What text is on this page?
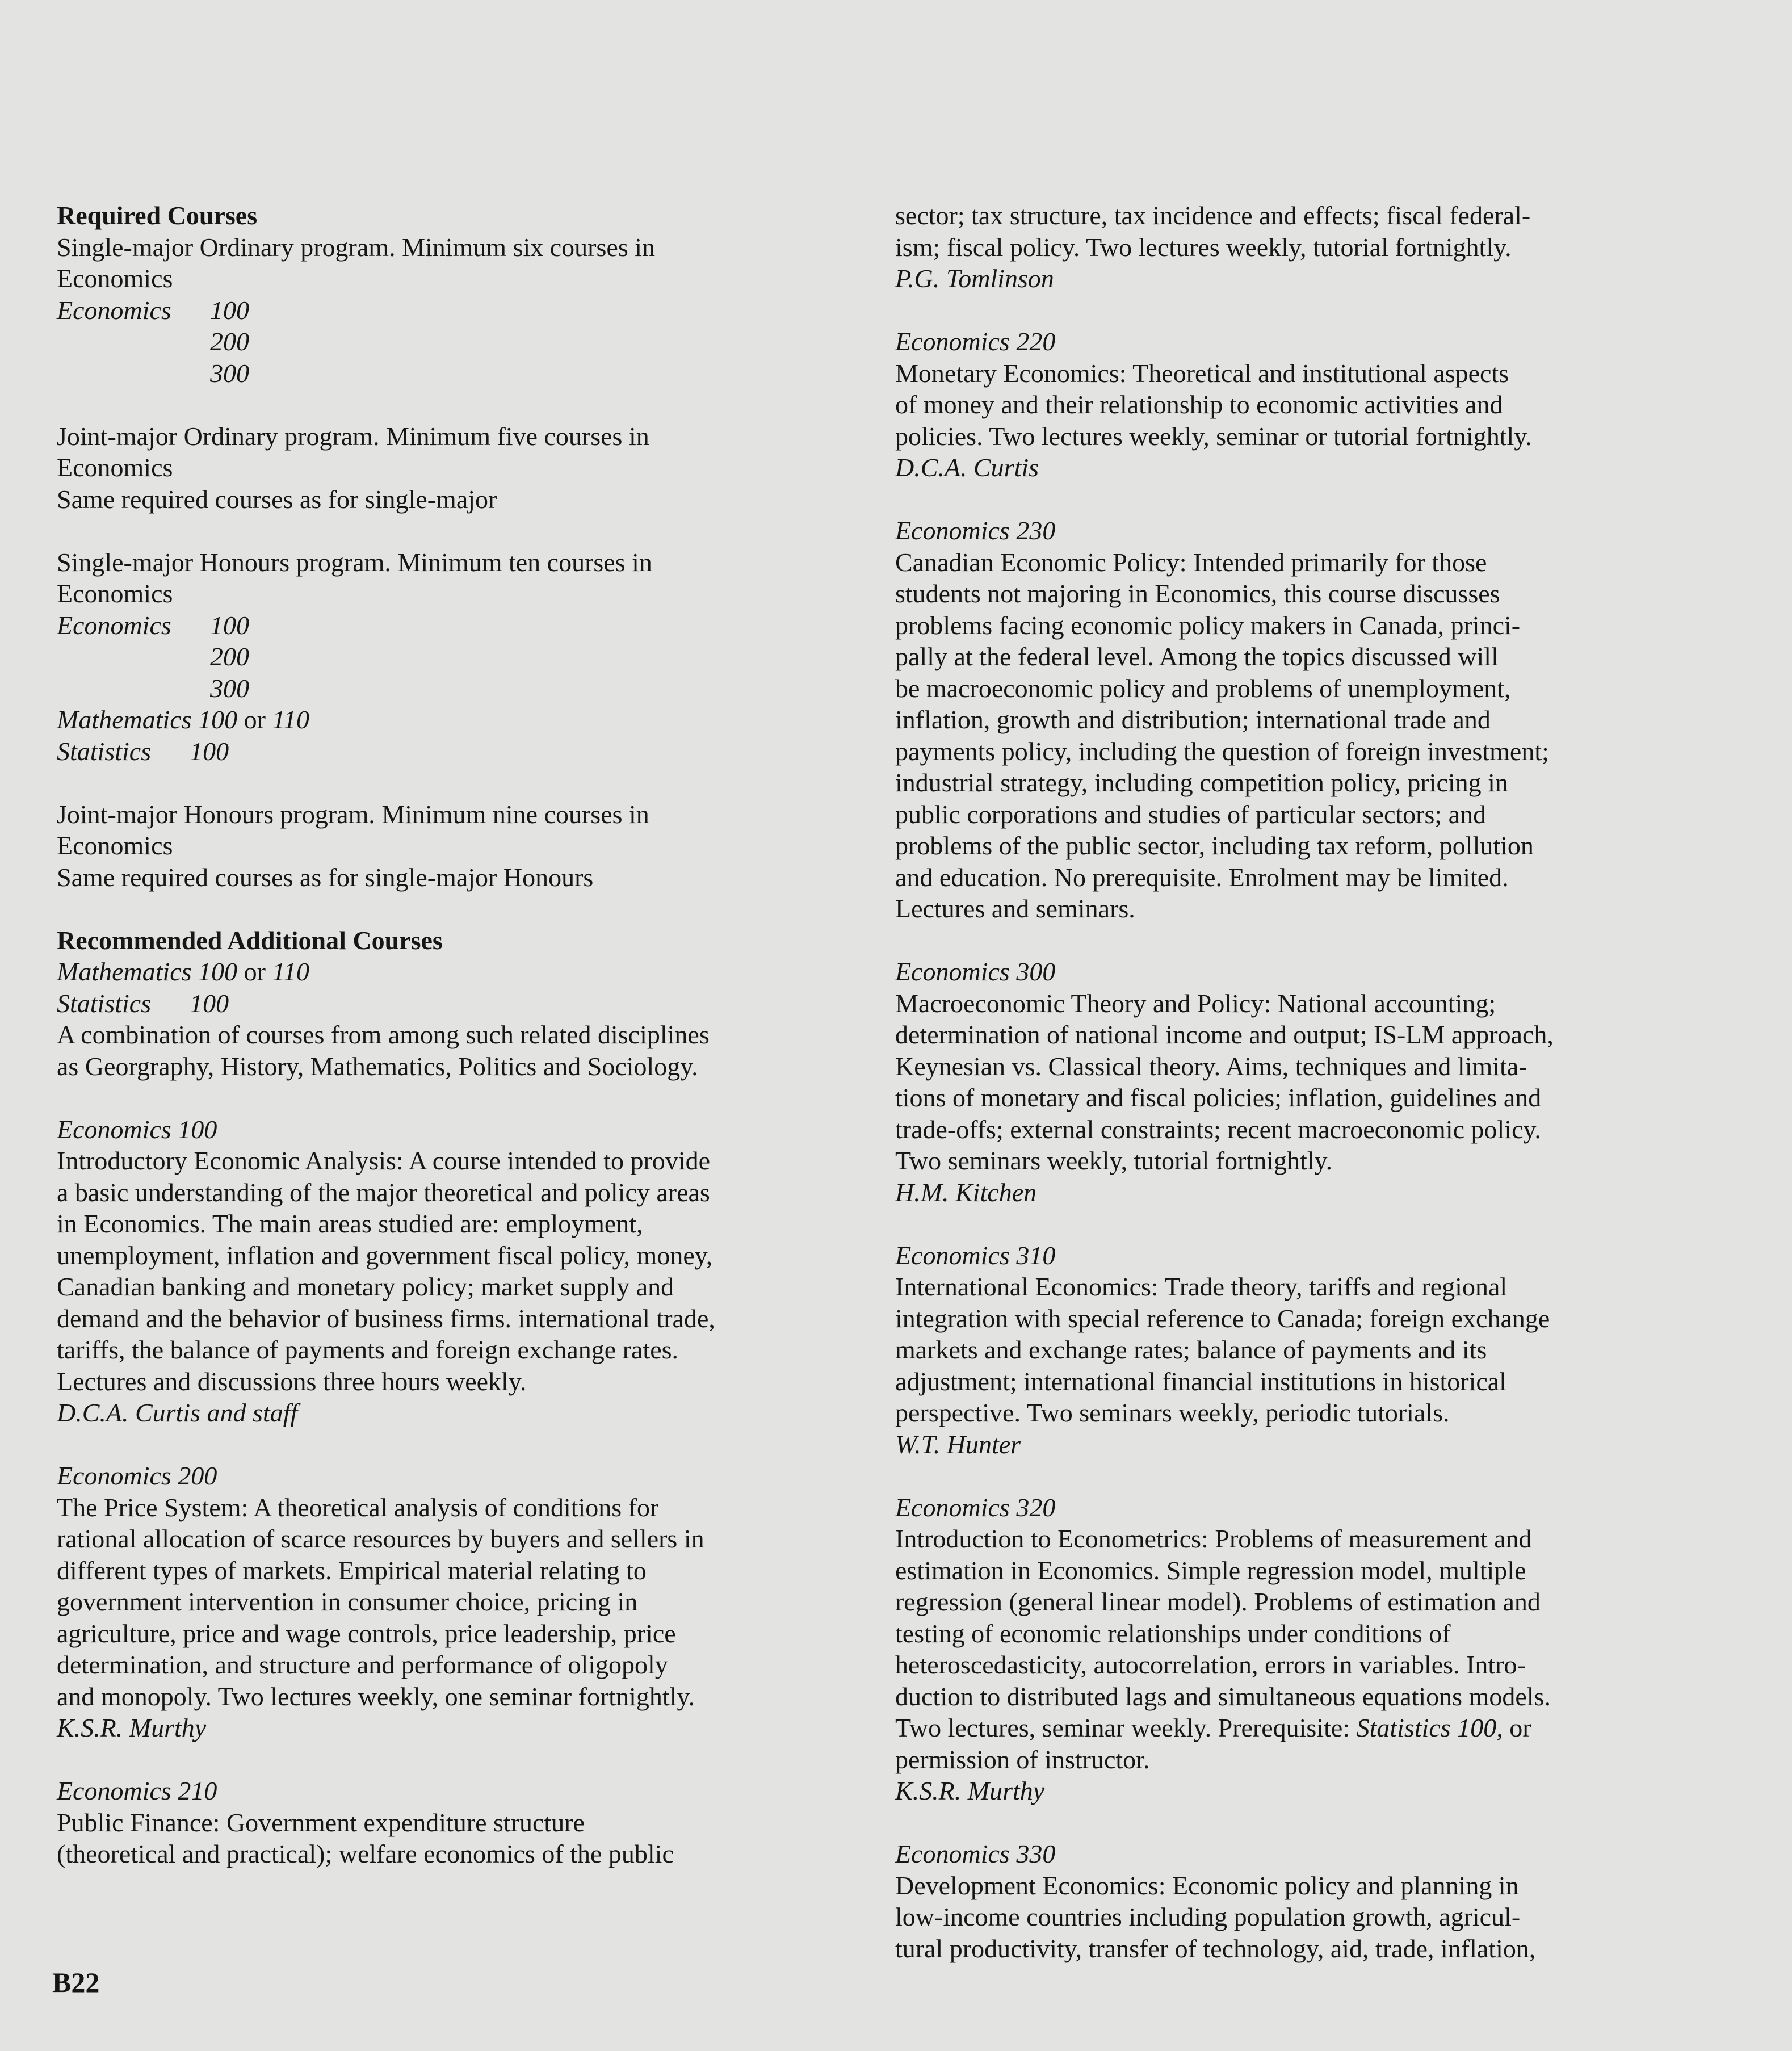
Required Courses
Single-major Ordinary program. Minimum six courses in
Economics
Economics 100
200
300
Joint-major Ordinary program. Minimum five courses in
Economics
Same required courses as for single-major
Single-major Honours program. Minimum ten courses in
Economics
Economics 100
200
300
Mathematics 100 or 110
Statistics 100
Joint-major Honours program. Minimum nine courses in
Economics
Same required courses as for single-major Honours
Recommended Additional Courses
Mathematics 100 or 110
Statistics 100
A combination of courses from among such related disciplines
as Georgraphy, History, Mathematics, Politics and Sociology.
Economics 100
Introductory Economic Analysis: A course intended to provide
a basic understanding of the major theoretical and policy areas
in Economics. The main areas studied are: employment,
unemployment, inflation and government fiscal policy, money,
Canadian banking and monetary policy; market supply and
demand and the behavior of business firms. international trade,
tariffs, the balance of payments and foreign exchange rates.
Lectures and discussions three hours weekly.
D.C.A. Curtis and staff
Economics 200
The Price System: A theoretical analysis of conditions for
rational allocation of scarce resources by buyers and sellers in
different types of markets. Empirical material relating to
government intervention in consumer choice, pricing in
agriculture, price and wage controls, price leadership, price
determination, and structure and performance of oligopoly
and monopoly. Two lectures weekly, one seminar fortnightly.
K.S.R. Murthy
Economics 210
Public Finance: Government expenditure structure
(theoretical and practical); welfare economics of the public
sector; tax structure, tax incidence and effects; fiscal federal-
ism; fiscal policy. Two lectures weekly, tutorial fortnightly.
P.G. Tomlinson
Economics 220
Monetary Economics: Theoretical and institutional aspects
of money and their relationship to economic activities and
policies. Two lectures weekly, seminar or tutorial fortnightly.
D.C.A. Curtis
Economics 230
Canadian Economic Policy: Intended primarily for those
students not majoring in Economics, this course discusses
problems facing economic policy makers in Canada, princi-
pally at the federal level. Among the topics discussed will
be macroeconomic policy and problems of unemployment,
inflation, growth and distribution; international trade and
payments policy, including the question of foreign investment;
industrial strategy, including competition policy, pricing in
public corporations and studies of particular sectors; and
problems of the public sector, including tax reform, pollution
and education. No prerequisite. Enrolment may be limited.
Lectures and seminars.
Economics 300
Macroeconomic Theory and Policy: National accounting;
determination of national income and output; IS-LM approach,
Keynesian vs. Classical theory. Aims, techniques and limita-
tions of monetary and fiscal policies; inflation, guidelines and
trade-offs; external constraints; recent macroeconomic policy.
Two seminars weekly, tutorial fortnightly.
H.M. Kitchen
Economics 310
International Economics: Trade theory, tariffs and regional
integration with special reference to Canada; foreign exchange
markets and exchange rates; balance of payments and its
adjustment; international financial institutions in historical
perspective. Two seminars weekly, periodic tutorials.
W.T. Hunter
Economics 320
Introduction to Econometrics: Problems of measurement and
estimation in Economics. Simple regression model, multiple
regression (general linear model). Problems of estimation and
testing of economic relationships under conditions of
heteroscedasticity, autocorrelation, errors in variables. Intro-
duction to distributed lags and simultaneous equations models.
Two lectures, seminar weekly. Prerequisite: Statistics 100, or
permission of instructor.
K.S.R. Murthy
Economics 330
Development Economics: Economic policy and planning in
low-income countries including population growth, agricul-
tural productivity, transfer of technology, aid, trade, inflation,
B22
